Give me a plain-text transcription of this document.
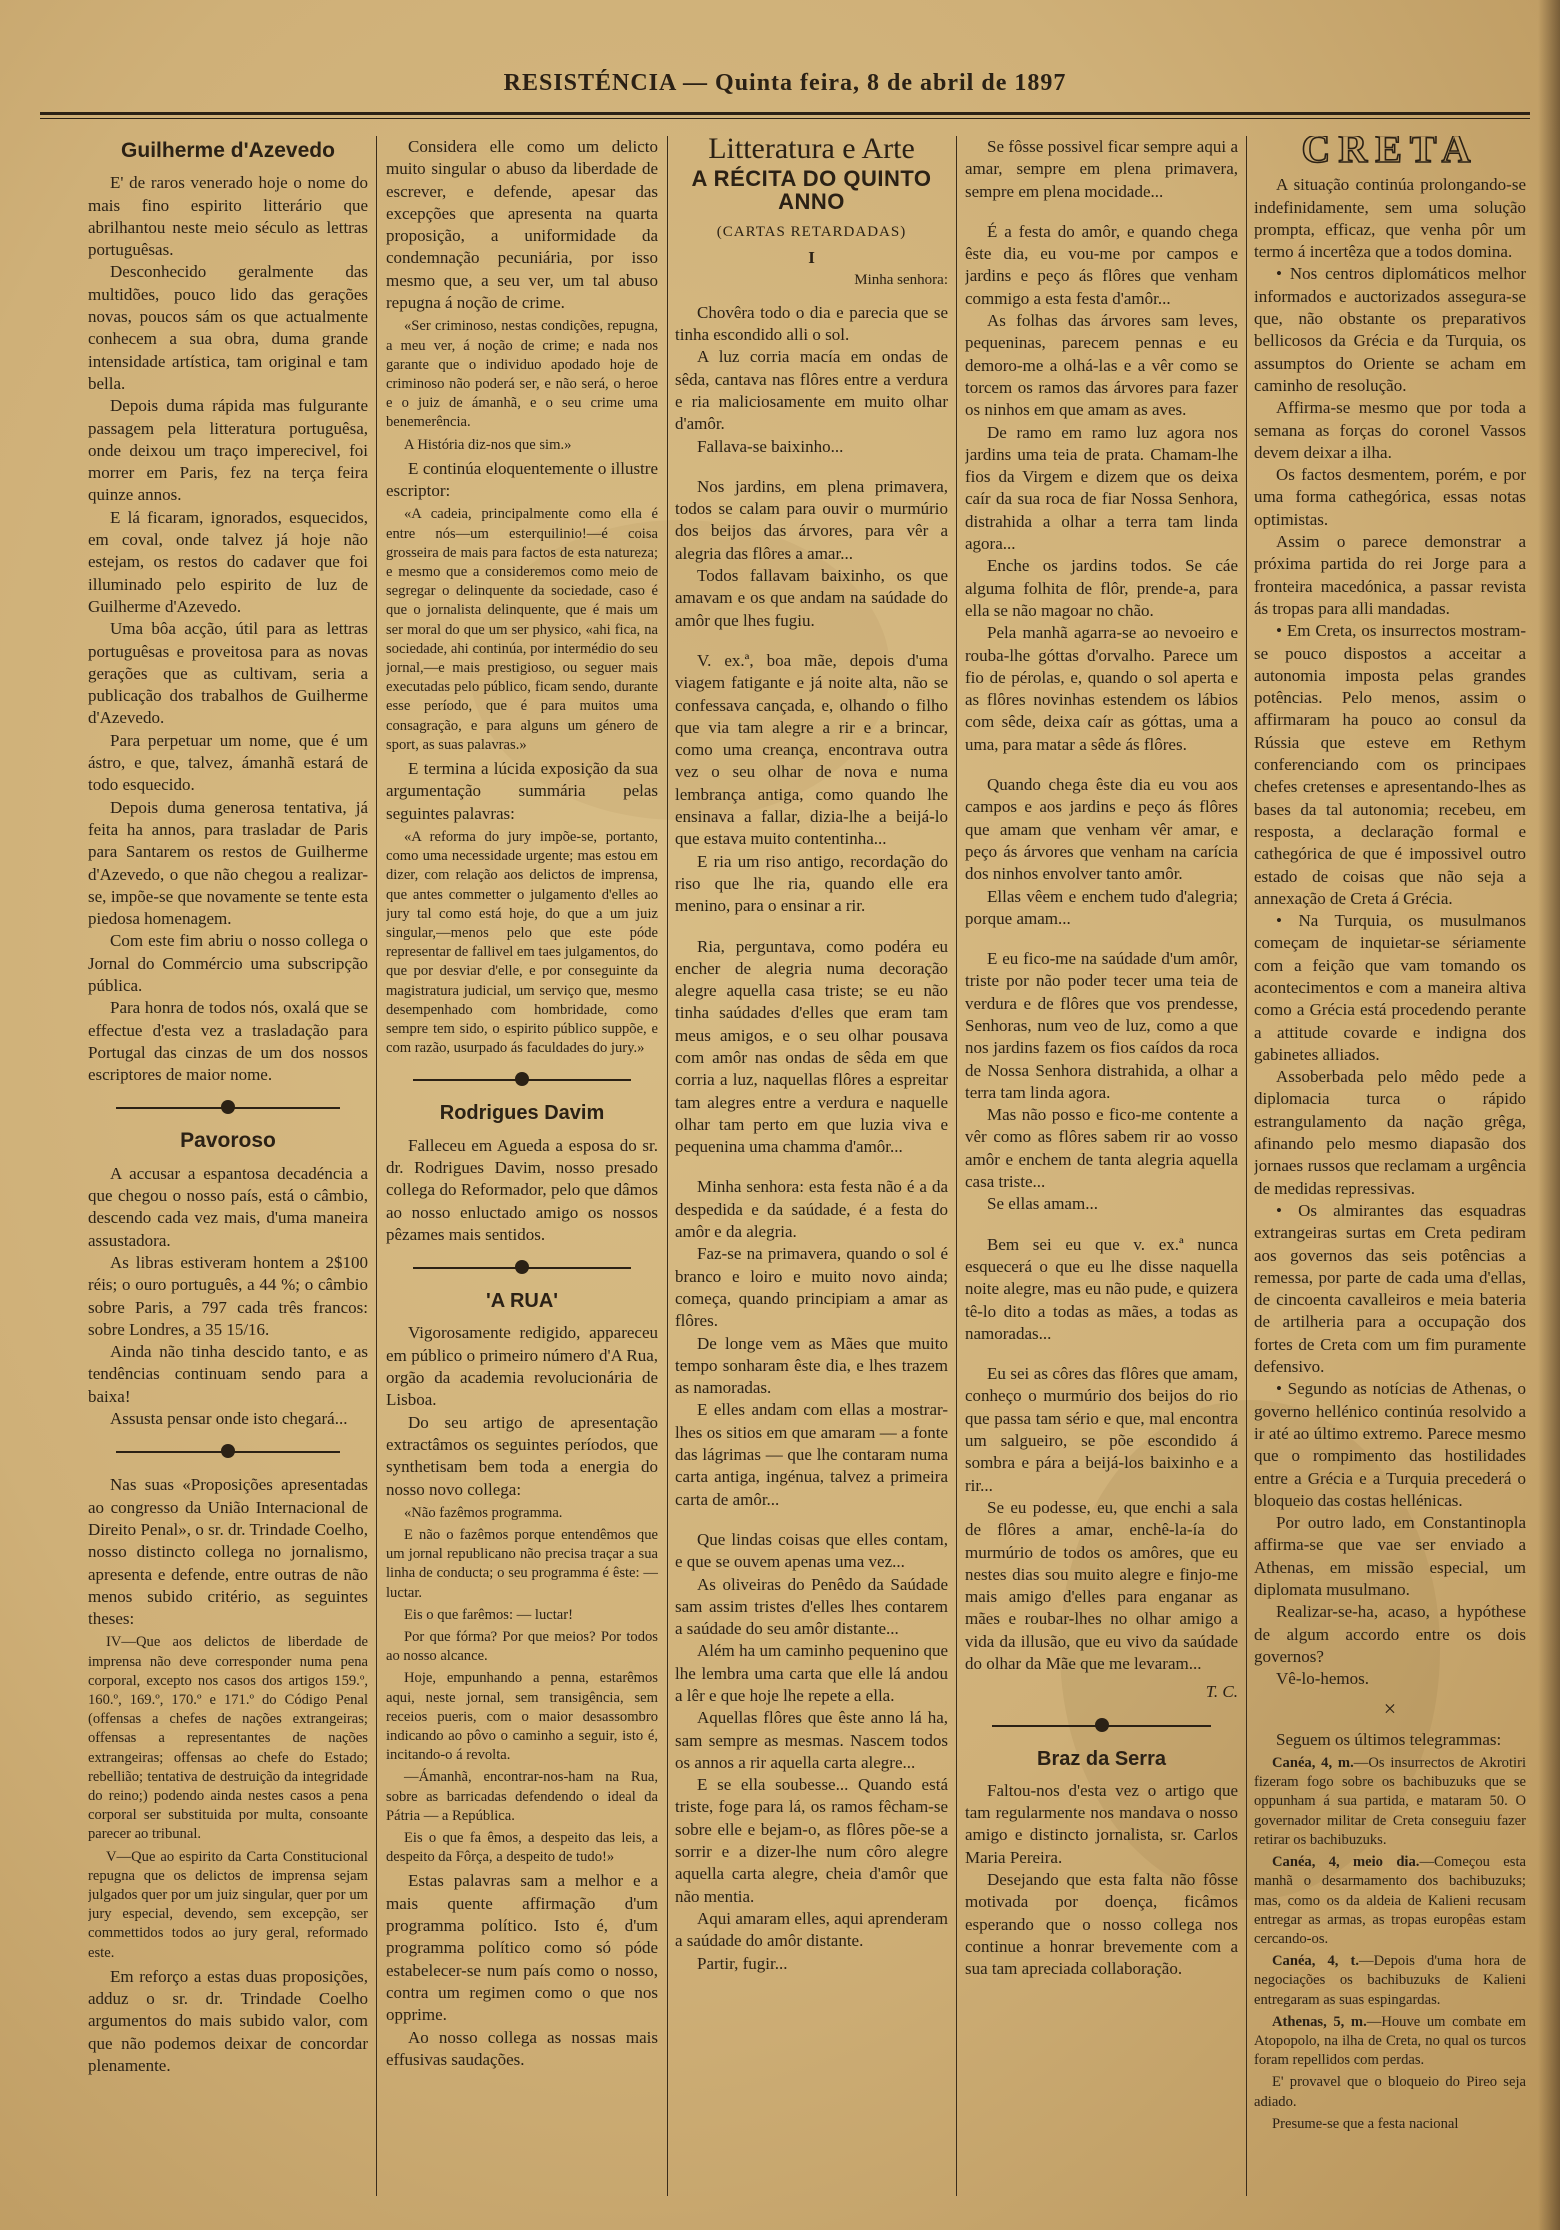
RESISTÉNCIA — Quinta feira, 8 de abril de 1897
Guilherme d'Azevedo

E' de raros venerado hoje o nome do mais fino espirito litterário que abrilhantou neste meio século as lettras portuguêsas.

Desconhecido geralmente das multidões, pouco lido das gerações novas, poucos sám os que actualmente conhecem a sua obra, duma grande intensidade artística, tam original e tam bella.

Depois duma rápida mas fulgurante passagem pela litteratura portuguêsa, onde deixou um traço imperecivel, foi morrer em Paris, fez na terça feira quinze annos.

E lá ficaram, ignorados, esquecidos, em coval, onde talvez já hoje não estejam, os restos do cadaver que foi illuminado pelo espirito de luz de Guilherme d'Azevedo.

Uma bôa acção, útil para as lettras portuguêsas e proveitosa para as novas gerações que as cultivam, seria a publicação dos trabalhos de Guilherme d'Azevedo.

Para perpetuar um nome, que é um ástro, e que, talvez, ámanhã estará de todo esquecido.

Depois duma generosa tentativa, já feita ha annos, para trasladar de Paris para Santarem os restos de Guilherme d'Azevedo, o que não chegou a realizar-se, impõe-se que novamente se tente esta piedosa homenagem.

Com este fim abriu o nosso collega o Jornal do Commércio uma subscripção pública.

Para honra de todos nós, oxalá que se effectue d'esta vez a trasladação para Portugal das cinzas de um dos nossos escriptores de maior nome.

Pavoroso

A accusar a espantosa decadéncia a que chegou o nosso país, está o câmbio, descendo cada vez mais, d'uma maneira assustadora.

As libras estiveram hontem a 2$100 réis; o ouro português, a 44 %; o câmbio sobre Paris, a 797 cada três francos: sobre Londres, a 35 15/16.

Ainda não tinha descido tanto, e as tendências continuam sendo para a baixa!

Assusta pensar onde isto chegará...

Nas suas «Proposições apresentadas ao congresso da União Internacional de Direito Penal», o sr. dr. Trindade Coelho, nosso distincto collega no jornalismo, apresenta e defende, entre outras de não menos subido critério, as seguintes theses:

IV—Que aos delictos de liberdade de imprensa não deve corresponder numa pena corporal, excepto nos casos dos artigos 159.º, 160.º, 169.º, 170.º e 171.º do Código Penal (offensas a chefes de nações extrangeiras; offensas a representantes de nações extrangeiras; offensas ao chefe do Estado; rebellião; tentativa de destruição da integridade do reino;) podendo ainda nestes casos a pena corporal ser substituida por multa, consoante parecer ao tribunal.

V—Que ao espirito da Carta Constitucional repugna que os delictos de imprensa sejam julgados quer por um juiz singular, quer por um jury especial, devendo, sem excepção, ser commettidos todos ao jury geral, reformado este.

Em reforço a estas duas proposições, adduz o sr. dr. Trindade Coelho argumentos do mais subido valor, com que não podemos deixar de concordar plenamente.

Considera elle como um delicto muito singular o abuso da liberdade de escrever, e defende, apesar das excepções que apresenta na quarta proposição, a uniformidade da condemnação pecuniária, por isso mesmo que, a seu ver, um tal abuso repugna á noção de crime.

«Ser criminoso, nestas condições, repugna, a meu ver, á noção de crime; e nada nos garante que o individuo apodado hoje de criminoso não poderá ser, e não será, o heroe e o juiz de ámanhã, e o seu crime uma benemerência.

A História diz-nos que sim.»

E continúa eloquentemente o illustre escriptor:

«A cadeia, principalmente como ella é entre nós—um esterquilinio!—é coisa grosseira de mais para factos de esta natureza; e mesmo que a consideremos como meio de segregar o delinquente da sociedade, caso é que o jornalista delinquente, que é mais um ser moral do que um ser physico, «ahi fica, na sociedade, ahi continúa, por intermédio do seu jornal,—e mais prestigioso, ou seguer mais executadas pelo público, ficam sendo, durante esse período, que é para muitos uma consagração, e para alguns um género de sport, as suas palavras.»

E termina a lúcida exposição da sua argumentação summária pelas seguintes palavras:

«A reforma do jury impõe-se, portanto, como uma necessidade urgente; mas estou em dizer, com relação aos delictos de imprensa, que antes commetter o julgamento d'elles ao jury tal como está hoje, do que a um juiz singular,—menos pelo que este póde representar de fallivel em taes julgamentos, do que por desviar d'elle, e por conseguinte da magistratura judicial, um serviço que, mesmo desempenhado com hombridade, como sempre tem sido, o espirito público suppõe, e com razão, usurpado ás faculdades do jury.»

Rodrigues Davim

Falleceu em Agueda a esposa do sr. dr. Rodrigues Davim, nosso presado collega do Reformador, pelo que dâmos ao nosso enluctado amigo os nossos pêzames mais sentidos.

'A RUA'

Vigorosamente redigido, appareceu em público o primeiro número d'A Rua, orgão da academia revolucionária de Lisboa.

Do seu artigo de apresentação extractâmos os seguintes períodos, que synthetisam bem toda a energia do nosso novo collega:

«Não fazêmos programma.

E não o fazêmos porque entendêmos que um jornal republicano não precisa traçar a sua linha de conducta; o seu programma é êste: — luctar.

Eis o que farêmos: — luctar!

Por que fórma? Por que meios? Por todos ao nosso alcance.

Hoje, empunhando a penna, estarêmos aqui, neste jornal, sem transigência, sem receios pueris, com o maior desassombro indicando ao pôvo o caminho a seguir, isto é, incitando-o á revolta.

—Ámanhã, encontrar-nos-ham na Rua, sobre as barricadas defendendo o ideal da Pátria — a República.

Eis o que fa êmos, a despeito das leis, a despeito da Fôrça, a despeito de tudo!»

Estas palavras sam a melhor e a mais quente affirmação d'um programma político. Isto é, d'um programma político como só póde estabelecer-se num país como o nosso, contra um regimen como o que nos opprime.

Ao nosso collega as nossas mais effusivas saudações.

Litteratura e Arte
A RÉCITA DO QUINTO ANNO
(CARTAS RETARDADAS)
I
Minha senhora:

Chovêra todo o dia e parecia que se tinha escondido alli o sol.

A luz corria macía em ondas de sêda, cantava nas flôres entre a verdura e ria maliciosamente em muito olhar d'amôr.

Fallava-se baixinho...

Nos jardins, em plena primavera, todos se calam para ouvir o murmúrio dos beijos das árvores, para vêr a alegria das flôres a amar...

Todos fallavam baixinho, os que amavam e os que andam na saúdade do amôr que lhes fugiu.

V. ex.ª, boa mãe, depois d'uma viagem fatigante e já noite alta, não se confessava cançada, e, olhando o filho que via tam alegre a rir e a brincar, como uma creança, encontrava outra vez o seu olhar de nova e numa lembrança antiga, como quando lhe ensinava a fallar, dizia-lhe a beijá-lo que estava muito contentinha...

E ria um riso antigo, recordação do riso que lhe ria, quando elle era menino, para o ensinar a rir.

Ria, perguntava, como podéra eu encher de alegria numa decoração alegre aquella casa triste; se eu não tinha saúdades d'elles que eram tam meus amigos, e o seu olhar pousava com amôr nas ondas de sêda em que corria a luz, naquellas flôres a espreitar tam alegres entre a verdura e naquelle olhar tam perto em que luzia viva e pequenina uma chamma d'amôr...

Minha senhora: esta festa não é a da despedida e da saúdade, é a festa do amôr e da alegria.

Faz-se na primavera, quando o sol é branco e loiro e muito novo ainda; começa, quando principiam a amar as flôres.

De longe vem as Mães que muito tempo sonharam êste dia, e lhes trazem as namoradas.

E elles andam com ellas a mostrar-lhes os sitios em que amaram — a fonte das lágrimas — que lhe contaram numa carta antiga, ingénua, talvez a primeira carta de amôr...

Que lindas coisas que elles contam, e que se ouvem apenas uma vez...

As oliveiras do Penêdo da Saúdade sam assim tristes d'elles lhes contarem a saúdade do seu amôr distante...

Além ha um caminho pequenino que lhe lembra uma carta que elle lá andou a lêr e que hoje lhe repete a ella.

Aquellas flôres que êste anno lá ha, sam sempre as mesmas. Nascem todos os annos a rir aquella carta alegre...

E se ella soubesse... Quando está triste, foge para lá, os ramos fêcham-se sobre elle e bejam-o, as flôres põe-se a sorrir e a dizer-lhe num côro alegre aquella carta alegre, cheia d'amôr que não mentia.

Aqui amaram elles, aqui aprenderam a saúdade do amôr distante.

Partir, fugir...

Se fôsse possivel ficar sempre aqui a amar, sempre em plena primavera, sempre em plena mocidade...

É a festa do amôr, e quando chega êste dia, eu vou-me por campos e jardins e peço ás flôres que venham commigo a esta festa d'amôr...

As folhas das árvores sam leves, pequeninas, parecem pennas e eu demoro-me a olhá-las e a vêr como se torcem os ramos das árvores para fazer os ninhos em que amam as aves.

De ramo em ramo luz agora nos jardins uma teia de prata. Chamam-lhe fios da Virgem e dizem que os deixa caír da sua roca de fiar Nossa Senhora, distrahida a olhar a terra tam linda agora...

Enche os jardins todos. Se cáe alguma folhita de flôr, prende-a, para ella se não magoar no chão.

Pela manhã agarra-se ao nevoeiro e rouba-lhe góttas d'orvalho. Parece um fio de pérolas, e, quando o sol aperta e as flôres novinhas estendem os lábios com sêde, deixa caír as góttas, uma a uma, para matar a sêde ás flôres.

Quando chega êste dia eu vou aos campos e aos jardins e peço ás flôres que amam que venham vêr amar, e peço ás árvores que venham na carícia dos ninhos envolver tanto amôr.

Ellas vêem e enchem tudo d'alegria; porque amam...

E eu fico-me na saúdade d'um amôr, triste por não poder tecer uma teia de verdura e de flôres que vos prendesse, Senhoras, num veo de luz, como a que nos jardins fazem os fios caídos da roca de Nossa Senhora distrahida, a olhar a terra tam linda agora.

Mas não posso e fico-me contente a vêr como as flôres sabem rir ao vosso amôr e enchem de tanta alegria aquella casa triste...

Se ellas amam...

Bem sei eu que v. ex.ª nunca esquecerá o que eu lhe disse naquella noite alegre, mas eu não pude, e quizera tê-lo dito a todas as mães, a todas as namoradas...

Eu sei as côres das flôres que amam, conheço o murmúrio dos beijos do rio que passa tam sério e que, mal encontra um salgueiro, se põe escondido á sombra e pára a beijá-los baixinho e a rir...

Se eu podesse, eu, que enchi a sala de flôres a amar, enchê-la-ía do murmúrio de todos os amôres, que eu nestes dias sou muito alegre e finjo-me mais amigo d'elles para enganar as mães e roubar-lhes no olhar amigo a vida da illusão, que eu vivo da saúdade do olhar da Mãe que me levaram...

T. C.
Braz da Serra

Faltou-nos d'esta vez o artigo que tam regularmente nos mandava o nosso amigo e distincto jornalista, sr. Carlos Maria Pereira.

Desejando que esta falta não fôsse motivada por doença, ficâmos esperando que o nosso collega nos continue a honrar brevemente com a sua tam apreciada collaboração.

CRETA

A situação continúa prolongando-se indefinidamente, sem uma solução prompta, efficaz, que venha pôr um termo á incertêza que a todos domina.

• Nos centros diplomáticos melhor informados e auctorizados assegura-se que, não obstante os preparativos bellicosos da Grécia e da Turquia, os assumptos do Oriente se acham em caminho de resolução.

Affirma-se mesmo que por toda a semana as forças do coronel Vassos devem deixar a ilha.

Os factos desmentem, porém, e por uma forma cathegórica, essas notas optimistas.

Assim o parece demonstrar a próxima partida do rei Jorge para a fronteira macedónica, a passar revista ás tropas para alli mandadas.

• Em Creta, os insurrectos mostram-se pouco dispostos a acceitar a autonomia imposta pelas grandes potências. Pelo menos, assim o affirmaram ha pouco ao consul da Rússia que esteve em Rethym conferenciando com os principaes chefes cretenses e apresentando-lhes as bases da tal autonomia; recebeu, em resposta, a declaração formal e cathegórica de que é impossivel outro estado de coisas que não seja a annexação de Creta á Grécia.

• Na Turquia, os musulmanos começam de inquietar-se sériamente com a feição que vam tomando os acontecimentos e com a maneira altiva como a Grécia está procedendo perante a attitude covarde e indigna dos gabinetes alliados.

Assoberbada pelo mêdo pede a diplomacia turca o rápido estrangulamento da nação grêga, afinando pelo mesmo diapasão dos jornaes russos que reclamam a urgência de medidas repressivas.

• Os almirantes das esquadras extrangeiras surtas em Creta pediram aos governos das seis potências a remessa, por parte de cada uma d'ellas, de cincoenta cavalleiros e meia bateria de artilheria para a occupação dos fortes de Creta com um fim puramente defensivo.

• Segundo as notícias de Athenas, o governo hellénico continúa resolvido a ir até ao último extremo. Parece mesmo que o rompimento das hostilidades entre a Grécia e a Turquia precederá o bloqueio das costas hellénicas.

Por outro lado, em Constantinopla affirma-se que vae ser enviado a Athenas, em missão especial, um diplomata musulmano.

Realizar-se-ha, acaso, a hypóthese de algum accordo entre os dois governos?

Vê-lo-hemos.

×

Seguem os últimos telegrammas:

Canéa, 4, m.—Os insurrectos de Akrotiri fizeram fogo sobre os bachibuzuks que se oppunham á sua partida, e mataram 50. O governador militar de Creta conseguiu fazer retirar os bachibuzuks.

Canéa, 4, meio dia.—Começou esta manhã o desarmamento dos bachibuzuks; mas, como os da aldeia de Kalieni recusam entregar as armas, as tropas europêas estam cercando-os.

Canéa, 4, t.—Depois d'uma hora de negociações os bachibuzuks de Kalieni entregaram as suas espingardas.

Athenas, 5, m.—Houve um combate em Atopopolo, na ilha de Creta, no qual os turcos foram repellidos com perdas.

E' provavel que o bloqueio do Pireo seja adiado.

Presume-se que a festa nacional
